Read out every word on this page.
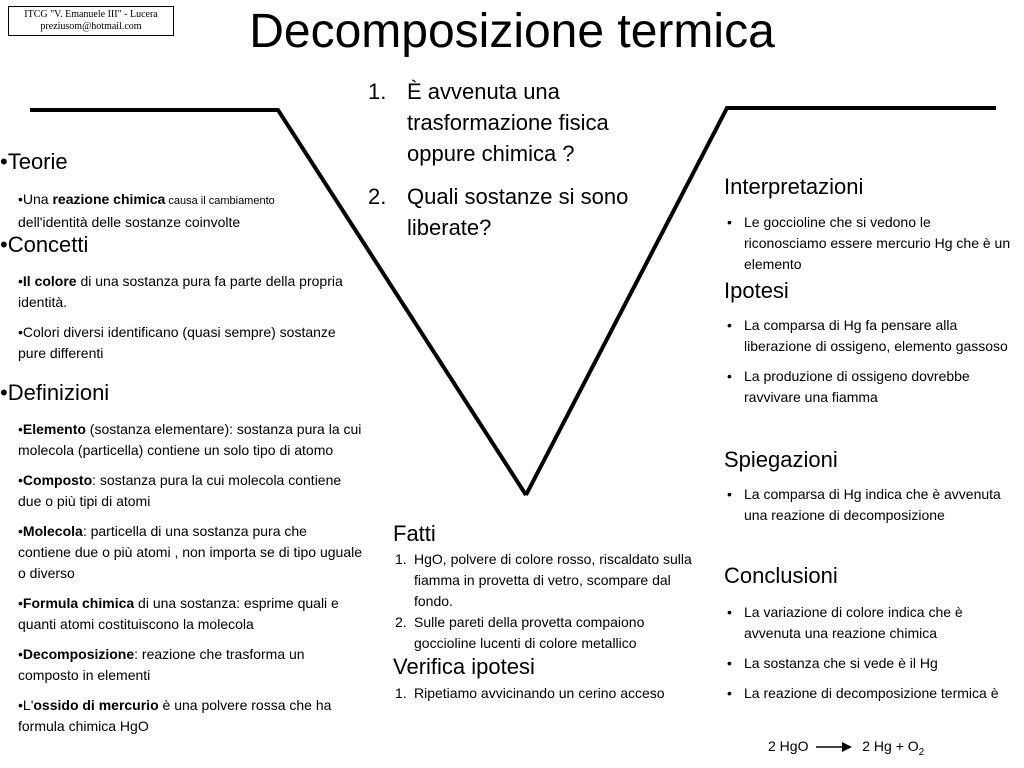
ITCG "V. Emanuele III" - Lucera
preziusom@hotmail.com	Decomposizione termica
1. È avvenuta una trasformazione fisica oppure chimica ?
2. Quali sostanze si sono liberate?
•Teorie
•Una reazione chimica causa il cambiamento
dell'identità delle sostanze coinvolte
•Concetti
•Il colore di una sostanza pura fa parte della propria identità.
•Colori diversi identificano (quasi sempre) sostanze pure differenti
•Definizioni
•Elemento (sostanza elementare): sostanza pura la cui molecola (particella) contiene un solo tipo di atomo
•Composto: sostanza pura la cui molecola contiene due o più tipi di atomi
•Molecola: particella di una sostanza pura che contiene due o più atomi , non importa se di tipo uguale o diverso
•Formula chimica di una sostanza: esprime quali e quanti atomi costituiscono la molecola
•Decomposizione: reazione che trasforma un composto in elementi
•L'ossido di mercurio è una polvere rossa che ha formula chimica HgO
Fatti
1. HgO, polvere di colore rosso, riscaldato sulla fiamma in provetta di vetro, scompare dal fondo.
2. Sulle pareti della provetta compaiono goccioline lucenti di colore metallico
Verifica ipotesi
1. Ripetiamo avvicinando un cerino acceso
Interpretazioni
• Le goccioline che si vedono le riconosciamo essere mercurio Hg che è un elemento
Ipotesi
• La comparsa di Hg fa pensare alla liberazione di ossigeno, elemento gassoso
• La produzione di ossigeno dovrebbe ravvivare una fiamma
Spiegazioni
• La comparsa di Hg indica che è avvenuta una reazione di decomposizione
Conclusioni
• La variazione di colore indica che è avvenuta una reazione chimica
• La sostanza che si vede è il Hg
• La reazione di decomposizione termica è
2 HgO	2 $Hg + O_2$
